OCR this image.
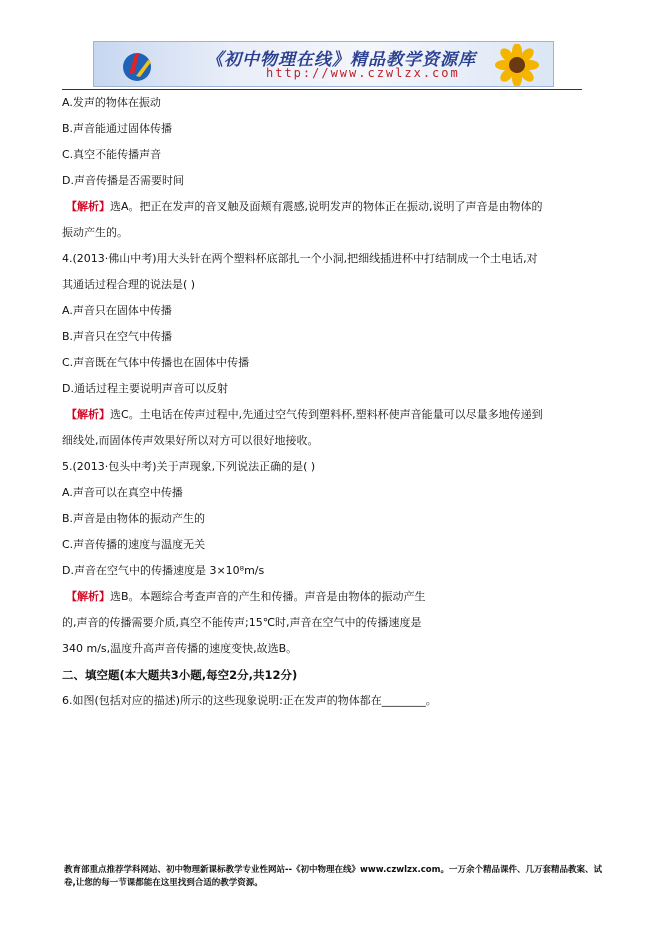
《初中物理在线》精品教学资源库
http://www.czwlzx.com
A.发声的物体在振动
B.声音能通过固体传播
C.真空不能传播声音
D.声音传播是否需要时间
【解析】选A。把正在发声的音叉触及面颊有震感,说明发声的物体正在振动,说明了声音是由物体的
振动产生的。
4.(2013·佛山中考)用大头针在两个塑料杯底部扎一个小洞,把细线插进杯中打结制成一个土电话,对
其通话过程合理的说法是( )
A.声音只在固体中传播
B.声音只在空气中传播
C.声音既在气体中传播也在固体中传播
D.通话过程主要说明声音可以反射
【解析】选C。土电话在传声过程中,先通过空气传到塑料杯,塑料杯使声音能量可以尽量多地传递到
细线处,而固体传声效果好所以对方可以很好地接收。
5.(2013·包头中考)关于声现象,下列说法正确的是( )
A.声音可以在真空中传播
B.声音是由物体的振动产生的
C.声音传播的速度与温度无关
D.声音在空气中的传播速度是 3×10⁸m/s
【解析】选B。本题综合考查声音的产生和传播。声音是由物体的振动产生
的,声音的传播需要介质,真空不能传声;15℃时,声音在空气中的传播速度是
340 m/s,温度升高声音传播的速度变快,故选B。
二、填空题(本大题共3小题,每空2分,共12分)
6.如图(包括对应的描述)所示的这些现象说明:正在发声的物体都在________。
教育部重点推荐学科网站、初中物理新课标教学专业性网站--《初中物理在线》www.czwlzx.com。一万余个精品课件、几万套精品教案、试卷,让您的每一节课都能在这里找到合适的教学资源。
